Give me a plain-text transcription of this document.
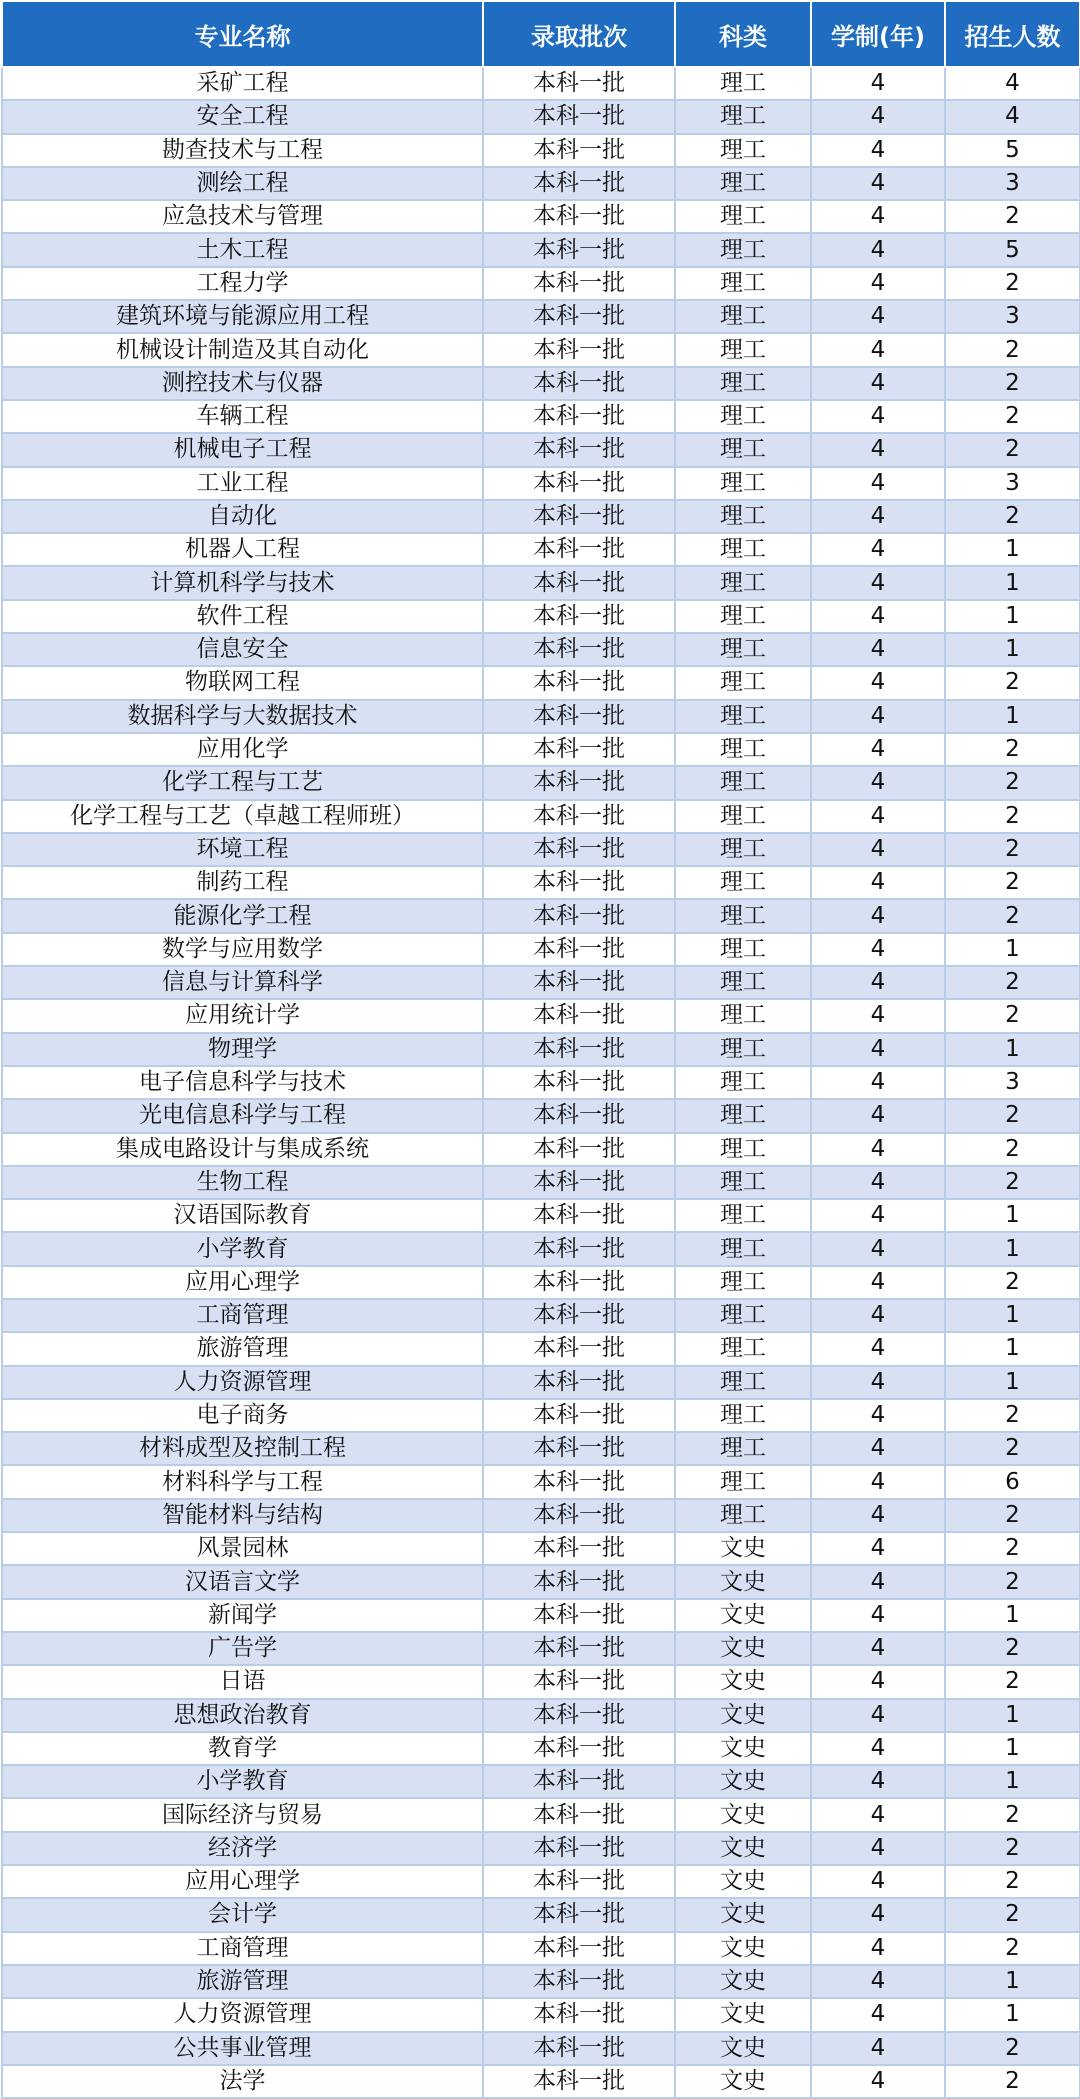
专业名称	录取批次	科类	学制(年)	招生人数
采矿工程	本科一批	理工	4	4
安全工程	本科一批	理工	4	4
勘查技术与工程	本科一批	理工	4	5
测绘工程	本科一批	理工	4	3
应急技术与管理	本科一批	理工	4	2
土木工程	本科一批	理工	4	5
工程力学	本科一批	理工	4	2
建筑环境与能源应用工程	本科一批	理工	4	3
机械设计制造及其自动化	本科一批	理工	4	2
测控技术与仪器	本科一批	理工	4	2
车辆工程	本科一批	理工	4	2
机械电子工程	本科一批	理工	4	2
工业工程	本科一批	理工	4	3
自动化	本科一批	理工	4	2
机器人工程	本科一批	理工	4	1
计算机科学与技术	本科一批	理工	4	1
软件工程	本科一批	理工	4	1
信息安全	本科一批	理工	4	1
物联网工程	本科一批	理工	4	2
数据科学与大数据技术	本科一批	理工	4	1
应用化学	本科一批	理工	4	2
化学工程与工艺	本科一批	理工	4	2
化学工程与工艺（卓越工程师班）	本科一批	理工	4	2
环境工程	本科一批	理工	4	2
制药工程	本科一批	理工	4	2
能源化学工程	本科一批	理工	4	2
数学与应用数学	本科一批	理工	4	1
信息与计算科学	本科一批	理工	4	2
应用统计学	本科一批	理工	4	2
物理学	本科一批	理工	4	1
电子信息科学与技术	本科一批	理工	4	3
光电信息科学与工程	本科一批	理工	4	2
集成电路设计与集成系统	本科一批	理工	4	2
生物工程	本科一批	理工	4	2
汉语国际教育	本科一批	理工	4	1
小学教育	本科一批	理工	4	1
应用心理学	本科一批	理工	4	2
工商管理	本科一批	理工	4	1
旅游管理	本科一批	理工	4	1
人力资源管理	本科一批	理工	4	1
电子商务	本科一批	理工	4	2
材料成型及控制工程	本科一批	理工	4	2
材料科学与工程	本科一批	理工	4	6
智能材料与结构	本科一批	理工	4	2
风景园林	本科一批	文史	4	2
汉语言文学	本科一批	文史	4	2
新闻学	本科一批	文史	4	1
广告学	本科一批	文史	4	2
日语	本科一批	文史	4	2
思想政治教育	本科一批	文史	4	1
教育学	本科一批	文史	4	1
小学教育	本科一批	文史	4	1
国际经济与贸易	本科一批	文史	4	2
经济学	本科一批	文史	4	2
应用心理学	本科一批	文史	4	2
会计学	本科一批	文史	4	2
工商管理	本科一批	文史	4	2
旅游管理	本科一批	文史	4	1
人力资源管理	本科一批	文史	4	1
公共事业管理	本科一批	文史	4	2
法学	本科一批	文史	4	2
